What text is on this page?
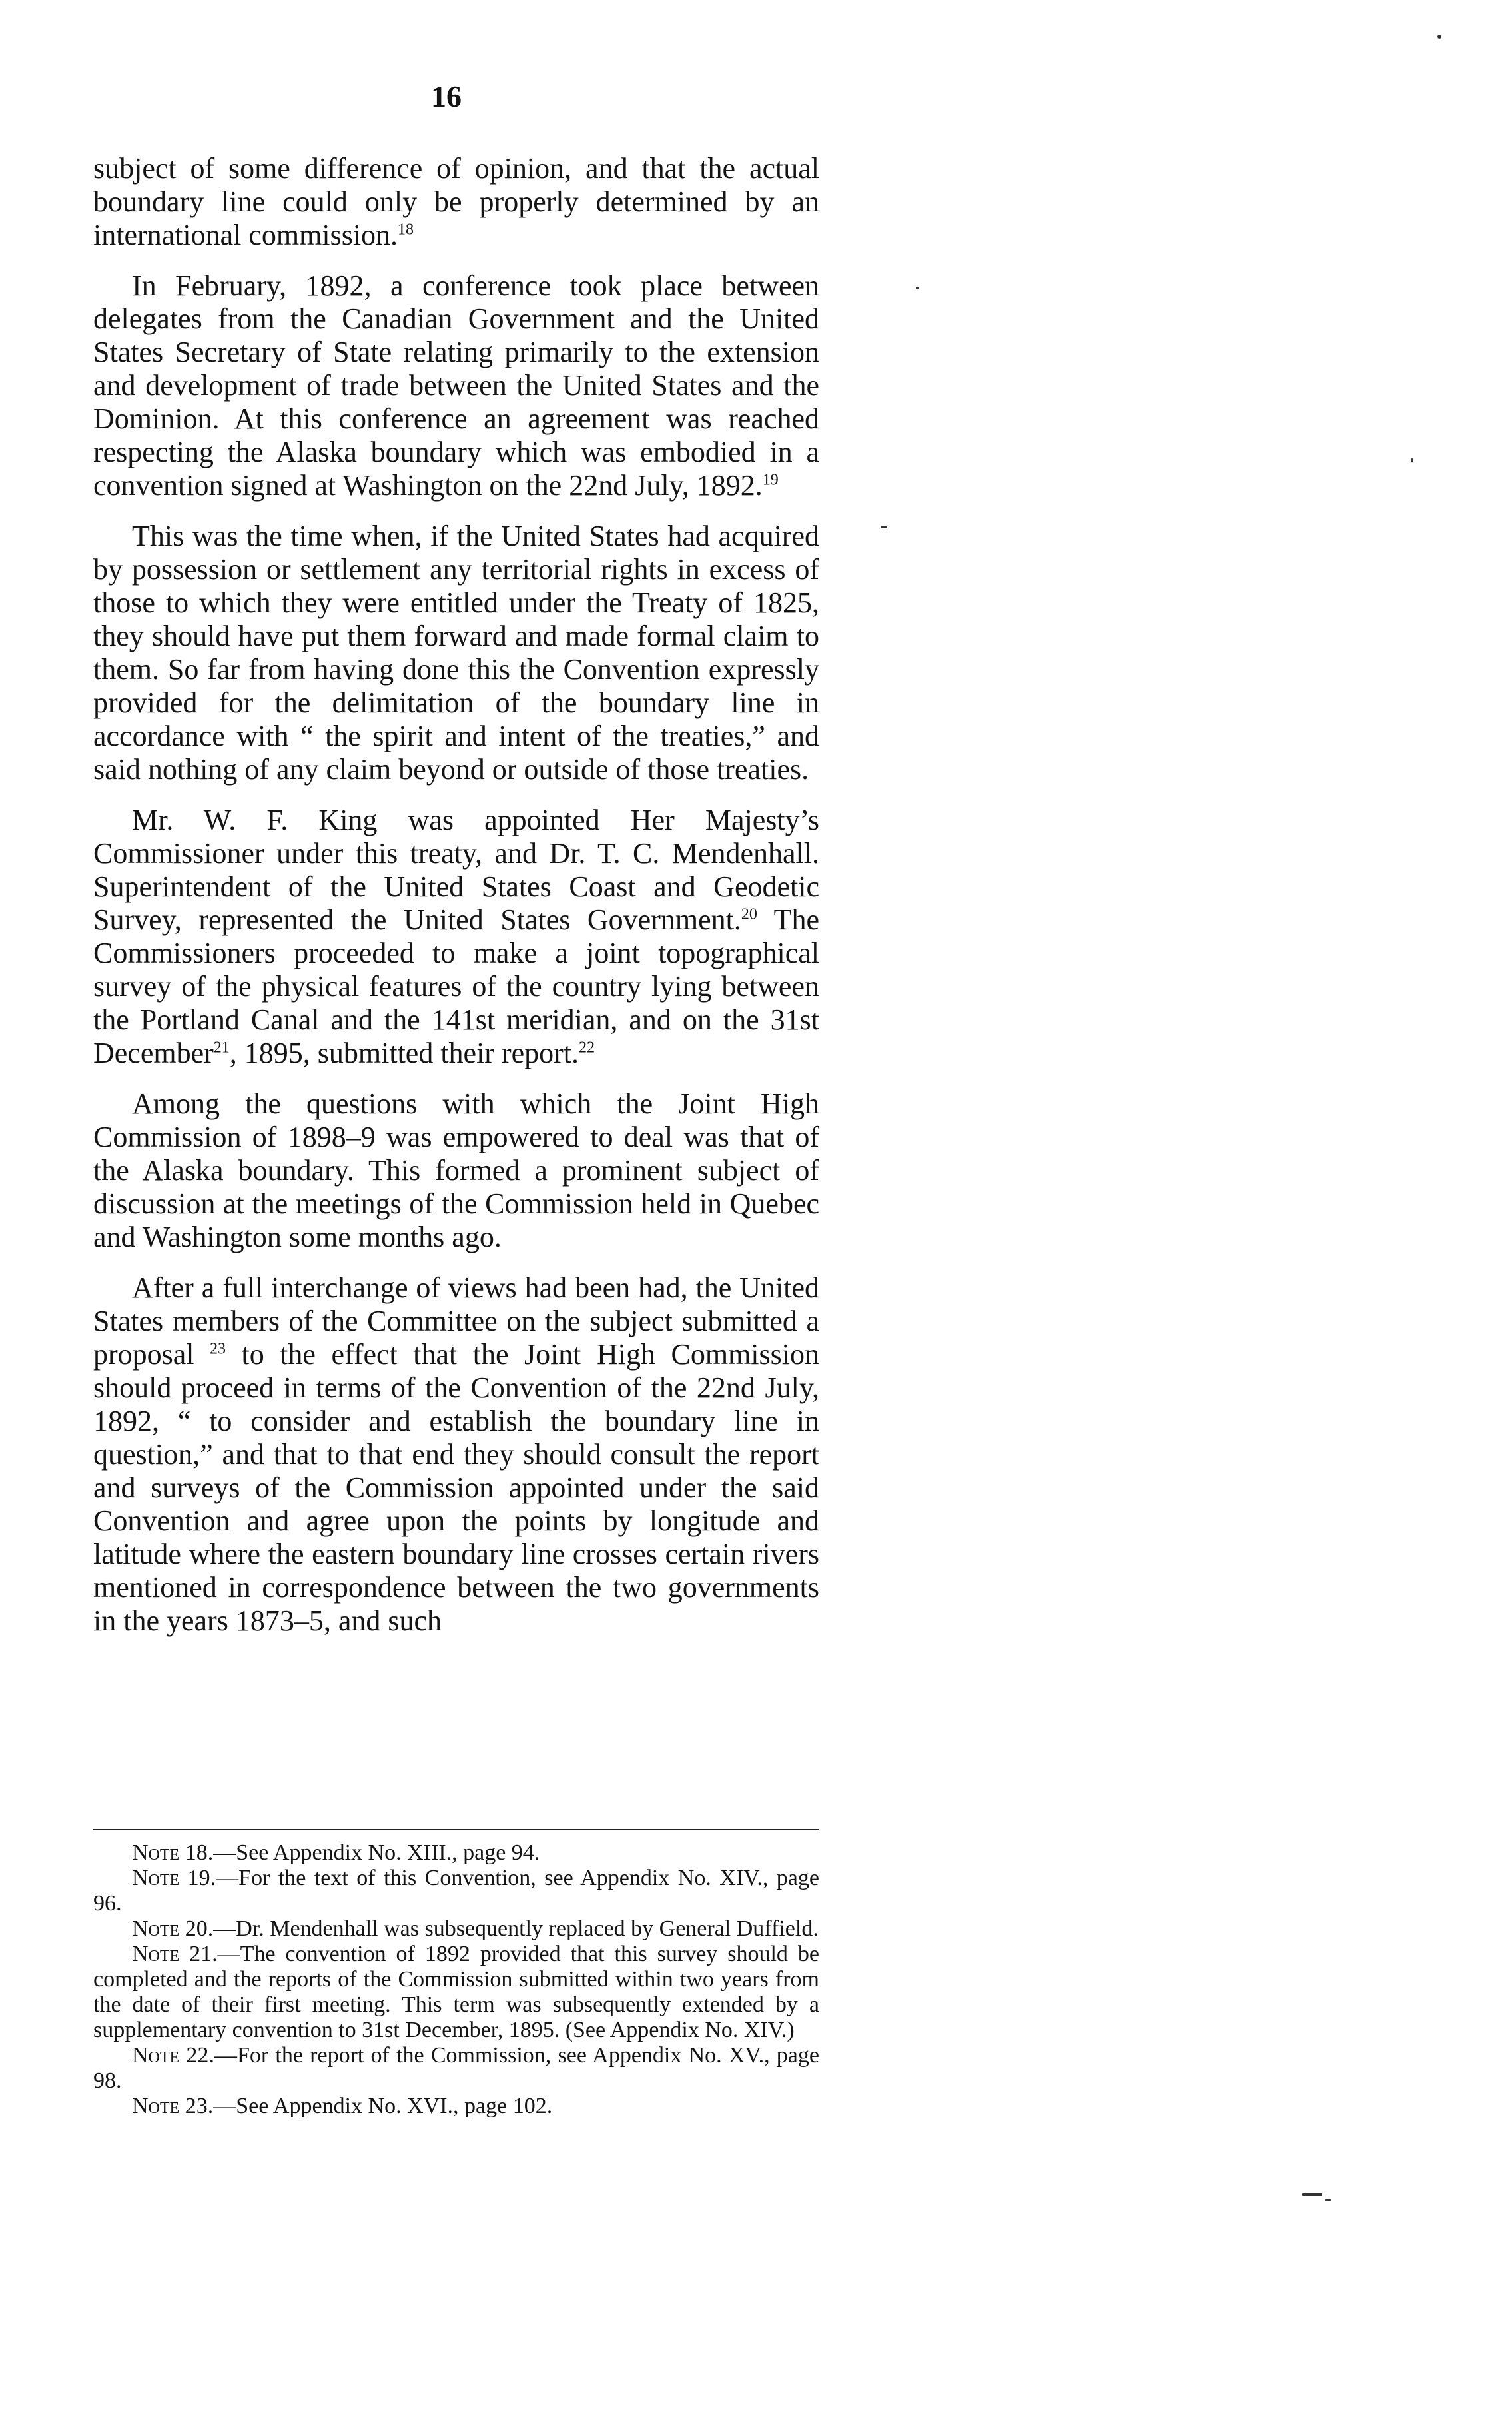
16

subject of some difference of opinion, and that the actual boundary line could only be properly determined by an international commission.$^{18}$

In February, 1892, a conference took place between delegates from the Canadian Government and the United States Secretary of State relating primarily to the extension and development of trade between the United States and the Dominion. At this conference an agreement was reached respecting the Alaska boundary which was embodied in a convention signed at Washington on the 22nd July, 1892.19

This was the time when, if the United States had acquired by possession or settlement any territorial rights in excess of those to which they were entitled under the Treaty of 1825, they should have put them forward and made formal claim to them. So far from having done this the Convention expressly provided for the delimitation of the boundary line in accordance with “ the spirit and intent of the treaties,” and said nothing of any claim beyond or outside of those treaties.

Mr. W. F. King was appointed Her Majesty’s Commissioner under this treaty, and Dr. T. C. Mendenhall. Superintendent of the United States Coast and Geodetic Survey, represented the United States Government.$^{20}$ The Commissioners proceeded to make a joint topographical survey of the physical features of the country lying between the Portland Canal and the 141st meridian, and on the 31st December$^{21}$, 1895, submitted their report.$^{22}$

Among the questions with which the Joint High Commission of 1898–9 was empowered to deal was that of the Alaska boundary. This formed a prominent subject of discussion at the meetings of the Commission held in Quebec and Washington some months ago.

After a full interchange of views had been had, the United States members of the Committee on the subject submitted a proposal $^{23}$ to the effect that the Joint High Commission should proceed in terms of the Convention of the 22nd July, 1892, “ to consider and establish the boundary line in question,” and that to that end they should consult the report and surveys of the Commission appointed under the said Convention and agree upon the points by longitude and latitude where the eastern boundary line crosses certain rivers mentioned in correspondence between the two governments in the years 1873–5, and such

Note 18.—See Appendix No. XIII., page 94.

Note 19.—For the text of this Convention, see Appendix No. XIV., page 96.

Note 20.—Dr. Mendenhall was subsequently replaced by General Duffield.

Note 21.—The convention of 1892 provided that this survey should be completed and the reports of the Commission submitted within two years from the date of their first meeting. This term was subsequently extended by a supplementary convention to 31st December, 1895. (See Appendix No. XIV.)

Note 22.—For the report of the Commission, see Appendix No. XV., page 98.

Note 23.—See Appendix No. XVI., page 102.
